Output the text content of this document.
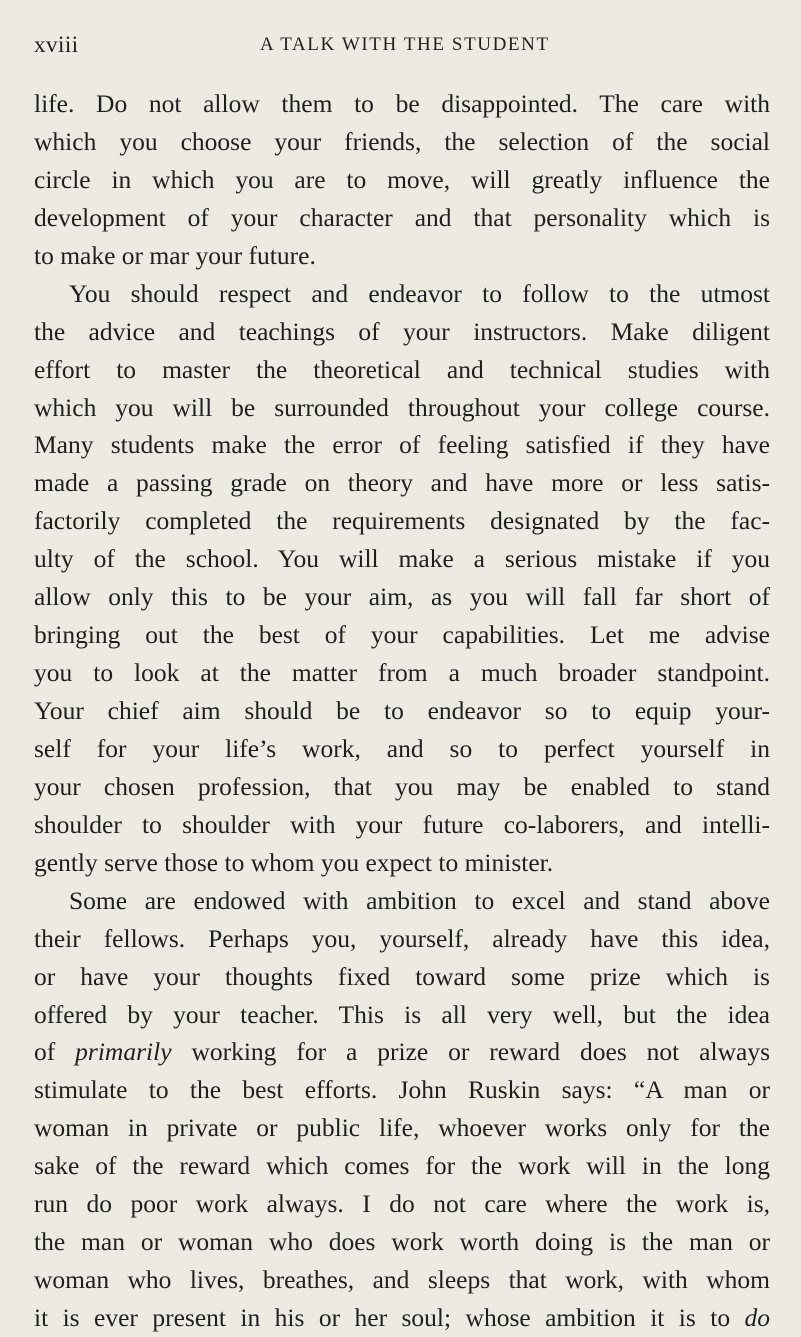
xviii	A TALK WITH THE STUDENT
life. Do not allow them to be disappointed. The care with
which you choose your friends, the selection of the social
circle in which you are to move, will greatly influence the
development of your character and that personality which is
to make or mar your future.
You should respect and endeavor to follow to the utmost
the advice and teachings of your instructors. Make diligent
effort to master the theoretical and technical studies with
which you will be surrounded throughout your college course.
Many students make the error of feeling satisfied if they have
made a passing grade on theory and have more or less satis-
factorily completed the requirements designated by the fac-
ulty of the school. You will make a serious mistake if you
allow only this to be your aim, as you will fall far short of
bringing out the best of your capabilities. Let me advise
you to look at the matter from a much broader standpoint.
Your chief aim should be to endeavor so to equip your-
self for your life’s work, and so to perfect yourself in
your chosen profession, that you may be enabled to stand
shoulder to shoulder with your future co-laborers, and intelli-
gently serve those to whom you expect to minister.
Some are endowed with ambition to excel and stand above
their fellows. Perhaps you, yourself, already have this idea,
or have your thoughts fixed toward some prize which is
offered by your teacher. This is all very well, but the idea
of primarily working for a prize or reward does not always
stimulate to the best efforts. John Ruskin says: “A man or
woman in private or public life, whoever works only for the
sake of the reward which comes for the work will in the long
run do poor work always. I do not care where the work is,
the man or woman who does work worth doing is the man or
woman who lives, breathes, and sleeps that work, with whom
it is ever present in his or her soul; whose ambition it is to do
